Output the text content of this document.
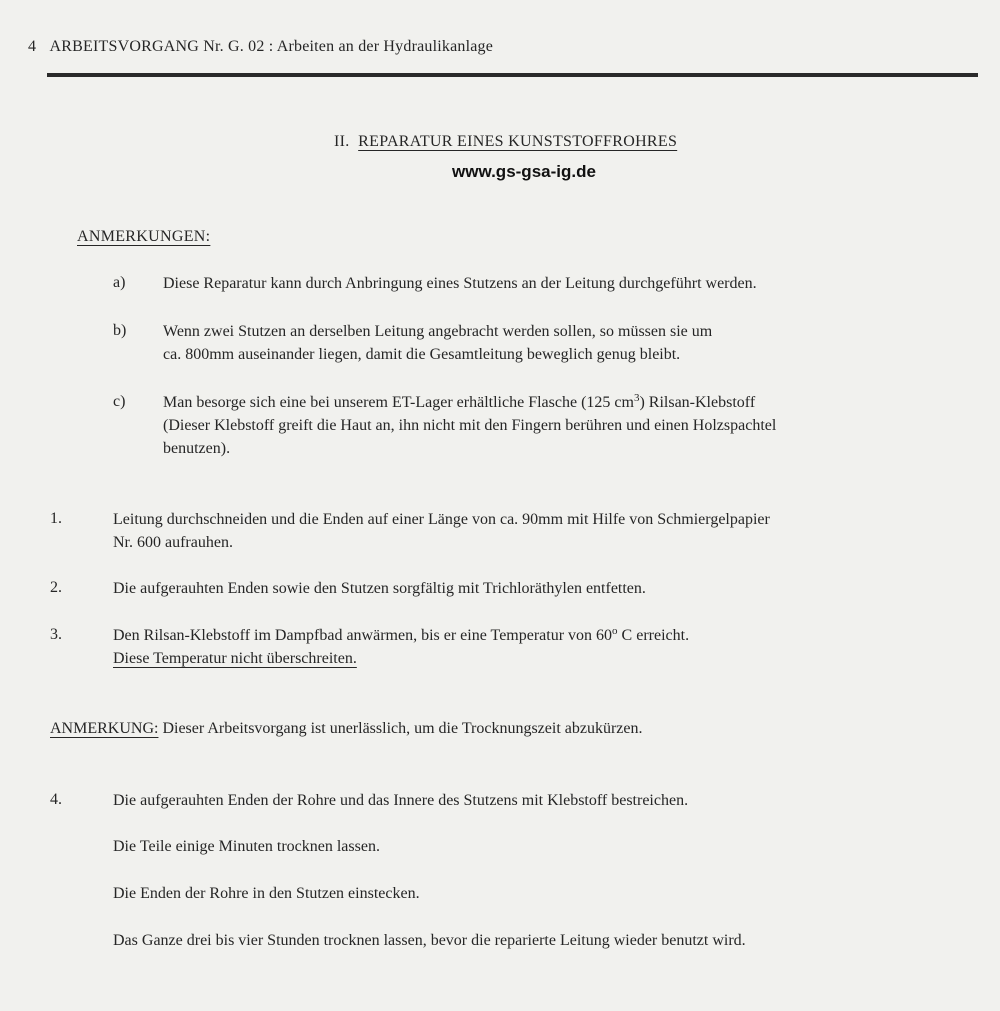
4 ARBEITSVORGANG Nr. G. 02 : Arbeiten an der Hydraulikanlage
II. REPARATUR EINES KUNSTSTOFFROHRES
www.gs-gsa-ig.de
ANMERKUNGEN:
a) Diese Reparatur kann durch Anbringung eines Stutzens an der Leitung durchgeführt werden.
b) Wenn zwei Stutzen an derselben Leitung angebracht werden sollen, so müssen sie um
ca. 800mm auseinander liegen, damit die Gesamtleitung beweglich genug bleibt.
c) Man besorge sich eine bei unserem ET-Lager erhältliche Flasche (125 $cm^3$) Rilsan-Klebstoff
(Dieser Klebstoff greift die Haut an, ihn nicht mit den Fingern berühren und einen Holzspachtel
benutzen).
1.	Leitung durchschneiden und die Enden auf einer Länge von ca. 90mm mit Hilfe von Schmiergelpapier
Nr. 600 aufrauhen.
2.	Die aufgerauhten Enden sowie den Stutzen sorgfältig mit Trichloräthylen entfetten.
3.	Den Rilsan-Klebstoff im Dampfbad anwärmen, bis er eine Temperatur von 60$^o$ C erreicht.
Diese Temperatur nicht überschreiten.
ANMERKUNG: Dieser Arbeitsvorgang ist unerlässlich, um die Trocknungszeit abzukürzen.
4.	Die aufgerauhten Enden der Rohre und das Innere des Stutzens mit Klebstoff bestreichen.
Die Teile einige Minuten trocknen lassen.
Die Enden der Rohre in den Stutzen einstecken.
Das Ganze drei bis vier Stunden trocknen lassen, bevor die reparierte Leitung wieder benutzt wird.
